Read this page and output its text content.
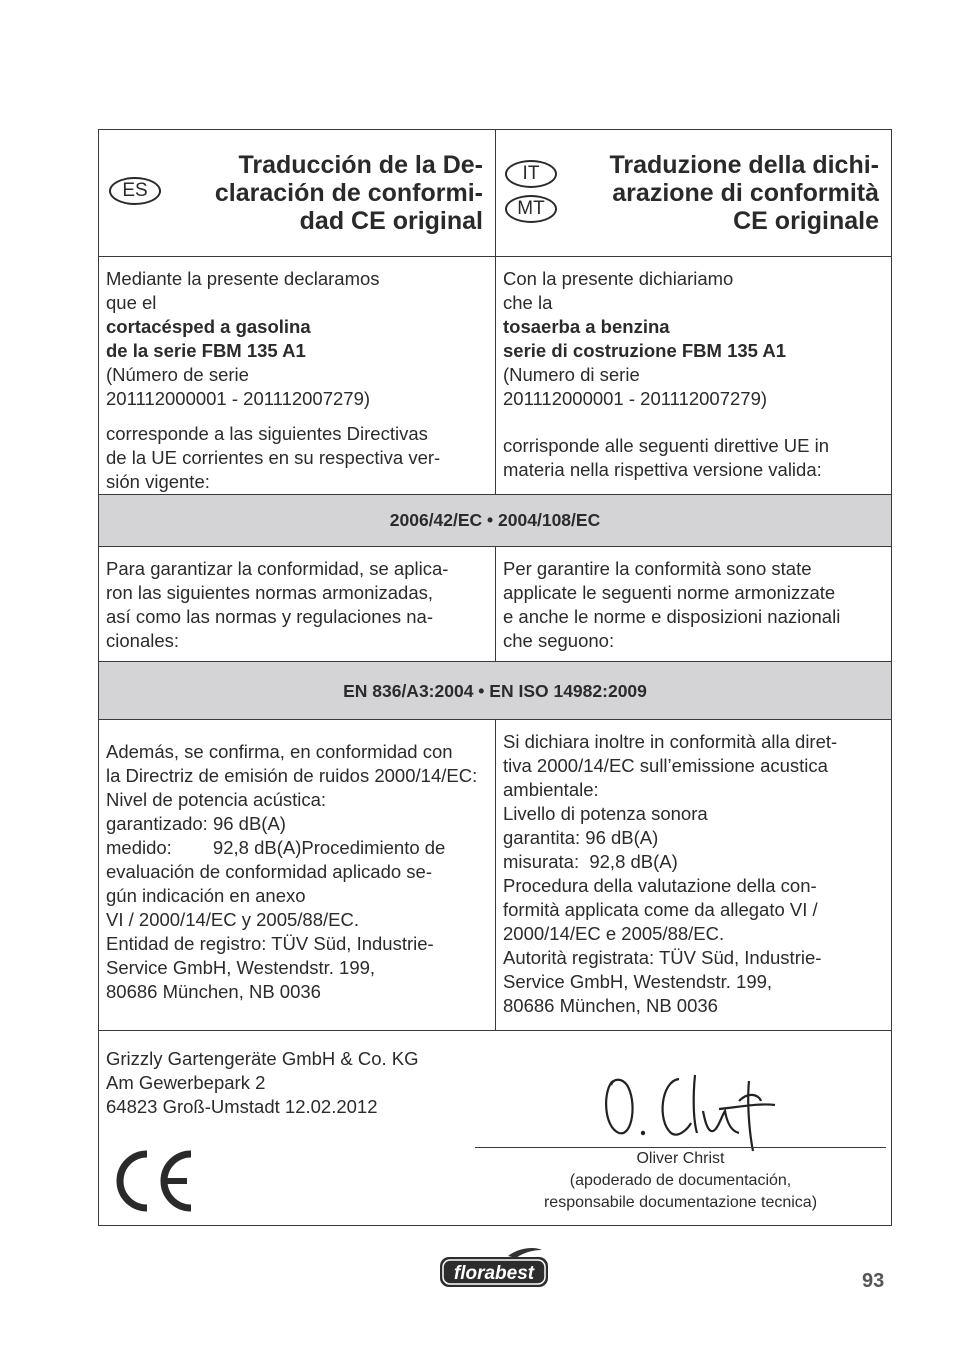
ES
Traducción de la De-
claración de conformi-
dad CE original
IT
MT
Traduzione della dichi-
arazione di conformità
CE originale
Mediante la presente declaramos
que el
cortacésped a gasolina
de la serie FBM 135 A1
(Número de serie
201112000001 - 201112007279)
corresponde a las siguientes Directivas
de la UE corrientes en su respectiva ver-
sión vigente:
Con la presente dichiariamo
che la
tosaerba a benzina
serie di costruzione FBM 135 A1
(Numero di serie
201112000001 - 201112007279)
corrisponde alle seguenti direttive UE in
materia nella rispettiva versione valida:
2006/42/EC • 2004/108/EC
Para garantizar la conformidad, se aplica-
ron las siguientes normas armonizadas,
así como las normas y regulaciones na-
cionales:
Per garantire la conformità sono state
applicate le seguenti norme armonizzate
e anche le norme e disposizioni nazionali
che seguono:
EN 836/A3:2004 • EN ISO 14982:2009
Además, se confirma, en conformidad con
la Directriz de emisión de ruidos 2000/14/EC:
Nivel de potencia acústica:
garantizado: 96 dB(A)
medido:        92,8 dB(A)Procedimiento de
evaluación de conformidad aplicado se-
gún indicación en anexo
VI / 2000/14/EC y 2005/88/EC.
Entidad de registro: TÜV Süd, Industrie-
Service GmbH, Westendstr. 199,
80686 München, NB 0036
Si dichiara inoltre in conformità alla diret-
tiva 2000/14/EC sull’emissione acustica
ambientale:
Livello di potenza sonora
garantita: 96 dB(A)
misurata:  92,8 dB(A)
Procedura della valutazione della con-
formità applicata come da allegato VI /
2000/14/EC e 2005/88/EC.
Autorità registrata: TÜV Süd, Industrie-
Service GmbH, Westendstr. 199,
80686 München, NB 0036
Grizzly Gartengeräte GmbH & Co. KG
Am Gewerbepark 2
64823 Groß-Umstadt 12.02.2012
Oliver Christ
(apoderado de documentación,
responsabile documentazione tecnica)
florabest	93
